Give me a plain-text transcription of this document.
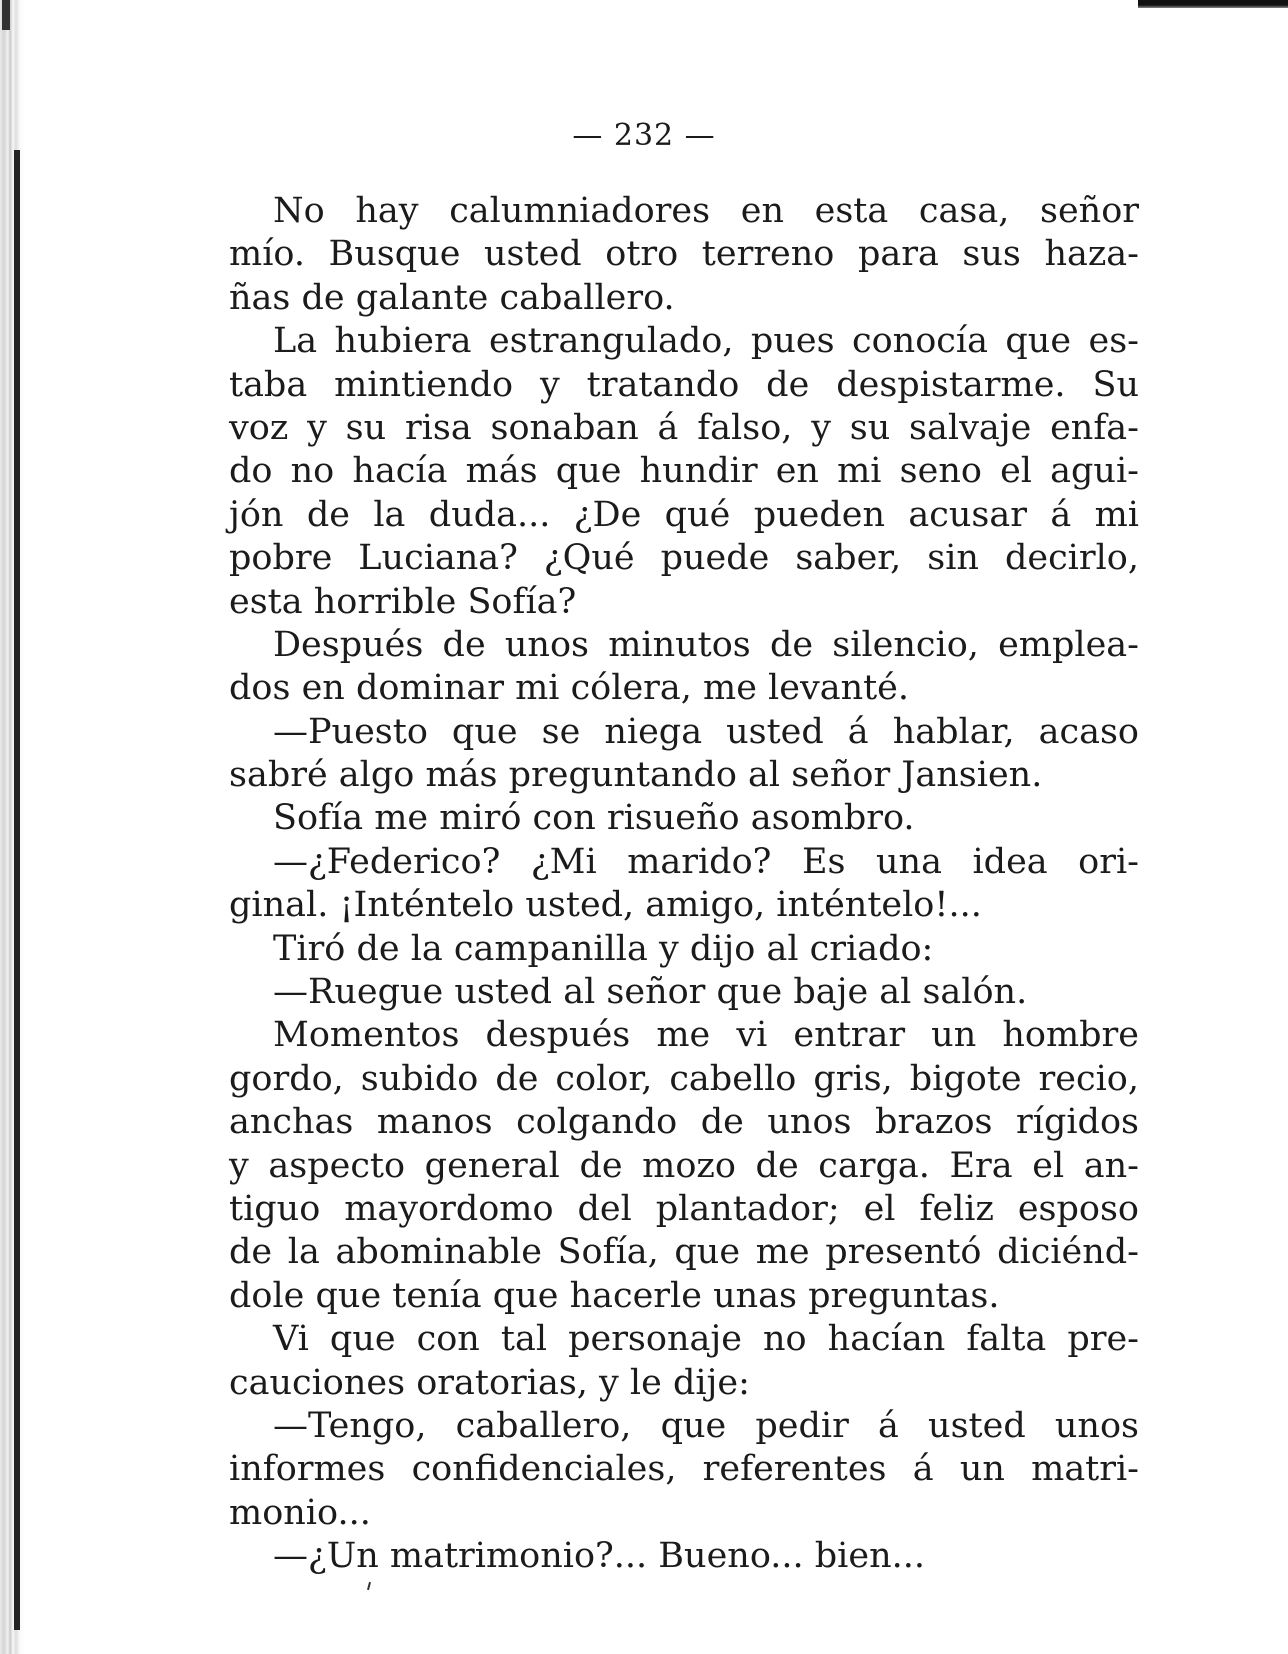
— 232 —
No hay calumniadores en esta casa, señor
mío. Busque usted otro terreno para sus haza-
ñas de galante caballero.
La hubiera estrangulado, pues conocía que es-
taba mintiendo y tratando de despistarme. Su
voz y su risa sonaban á falso, y su salvaje enfa-
do no hacía más que hundir en mi seno el agui-
jón de la duda... ¿De qué pueden acusar á mi
pobre Luciana? ¿Qué puede saber, sin decirlo,
esta horrible Sofía?
Después de unos minutos de silencio, emplea-
dos en dominar mi cólera, me levanté.
—Puesto que se niega usted á hablar, acaso
sabré algo más preguntando al señor Jansien.
Sofía me miró con risueño asombro.
—¿Federico? ¿Mi marido? Es una idea ori-
ginal. ¡Inténtelo usted, amigo, inténtelo!...
Tiró de la campanilla y dijo al criado:
—Ruegue usted al señor que baje al salón.
Momentos después me vi entrar un hombre
gordo, subido de color, cabello gris, bigote recio,
anchas manos colgando de unos brazos rígidos
y aspecto general de mozo de carga. Era el an-
tiguo mayordomo del plantador; el feliz esposo
de la abominable Sofía, que me presentó diciénd-
dole que tenía que hacerle unas preguntas.
Vi que con tal personaje no hacían falta pre-
cauciones oratorias, y le dije:
—Tengo, caballero, que pedir á usted unos
informes confidenciales, referentes á un matri-
monio...
—¿Un matrimonio?... Bueno... bien...
